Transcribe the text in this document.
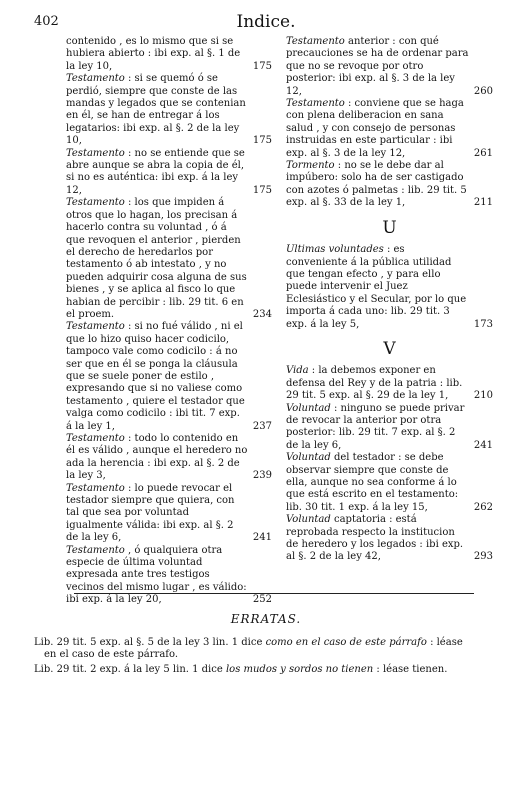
402	Indice.

contenido , es lo mismo que si se hubiera abierto : ibi exp. al §. 1 de la ley 10,	175

Testamento : si se quemó ó se perdió, siempre que conste de las mandas y legados que se contenian en él, se han de entregar á los legatarios: ibi exp. al §. 2 de la ley 10,	175

Testamento : no se entiende que se abre aunque se abra la copia de él, si no es auténtica: ibi exp. á la ley 12,	175

Testamento : los que impiden á otros que lo hagan, los precisan á hacerlo contra su voluntad , ó á que revoquen el anterior , pierden el derecho de heredarlos por testamento ó ab intestato , y no pueden adquirir cosa alguna de sus bienes , y se aplica al fisco lo que habian de percibir : lib. 29 tit. 6 en el proem.	234

Testamento : si no fué válido , ni el que lo hizo quiso hacer codicilo, tampoco vale como codicilo : á no ser que en él se ponga la cláusula que se suele poner de estilo , expresando que si no valiese como testamento , quiere el testador que valga como codicilo : ibi tit. 7 exp. á la ley 1,	237

Testamento : todo lo contenido en él es válido , aunque el heredero no ada la herencia : ibi exp. al §. 2 de la ley 3,	239

Testamento : lo puede revocar el testador siempre que quiera, con tal que sea por voluntad igualmente válida: ibi exp. al §. 2 de la ley 6,	241

Testamento , ó qualquiera otra especie de última voluntad expresada ante tres testigos vecinos del mismo lugar , es válido: ibi exp. á la ley 20,	252

Testamento anterior : con qué precauciones se ha de ordenar para que no se revoque por otro posterior: ibi exp. al §. 3 de la ley 12,	260

Testamento : conviene que se haga con plena deliberacion en sana salud , y con consejo de personas instruidas en este particular : ibi exp. al §. 3 de la ley 12,	261

Tormento : no se le debe dar al impúbero: solo ha de ser castigado con azotes ó palmetas : lib. 29 tit. 5 exp. al §. 33 de la ley 1,	211

U

Ultimas voluntades : es conveniente á la pública utilidad que tengan efecto , y para ello puede intervenir el Juez Eclesiástico y el Secular, por lo que importa á cada uno: lib. 29 tit. 3 exp. á la ley 5,	173

V

Vida : la debemos exponer en defensa del Rey y de la patria : lib. 29 tit. 5 exp. al §. 29 de la ley 1,	210

Voluntad : ninguno se puede privar de revocar la anterior por otra posterior: lib. 29 tit. 7 exp. al §. 2 de la ley 6,	241

Voluntad del testador : se debe observar siempre que conste de ella, aunque no sea conforme á lo que está escrito en el testamento: lib. 30 tit. 1 exp. á la ley 15,	262

Voluntad captatoria : está reprobada respecto la institucion de heredero y los legados : ibi exp. al §. 2 de la ley 42,	293

ERRATAS.
Lib. 29 tit. 5 exp. al §. 5 de la ley 3 lin. 1 dice como en el caso de este párrafo : léase
en el caso de este párrafo.
Lib. 29 tit. 2 exp. á la ley 5 lin. 1 dice los mudos y sordos no tienen : léase tienen.
